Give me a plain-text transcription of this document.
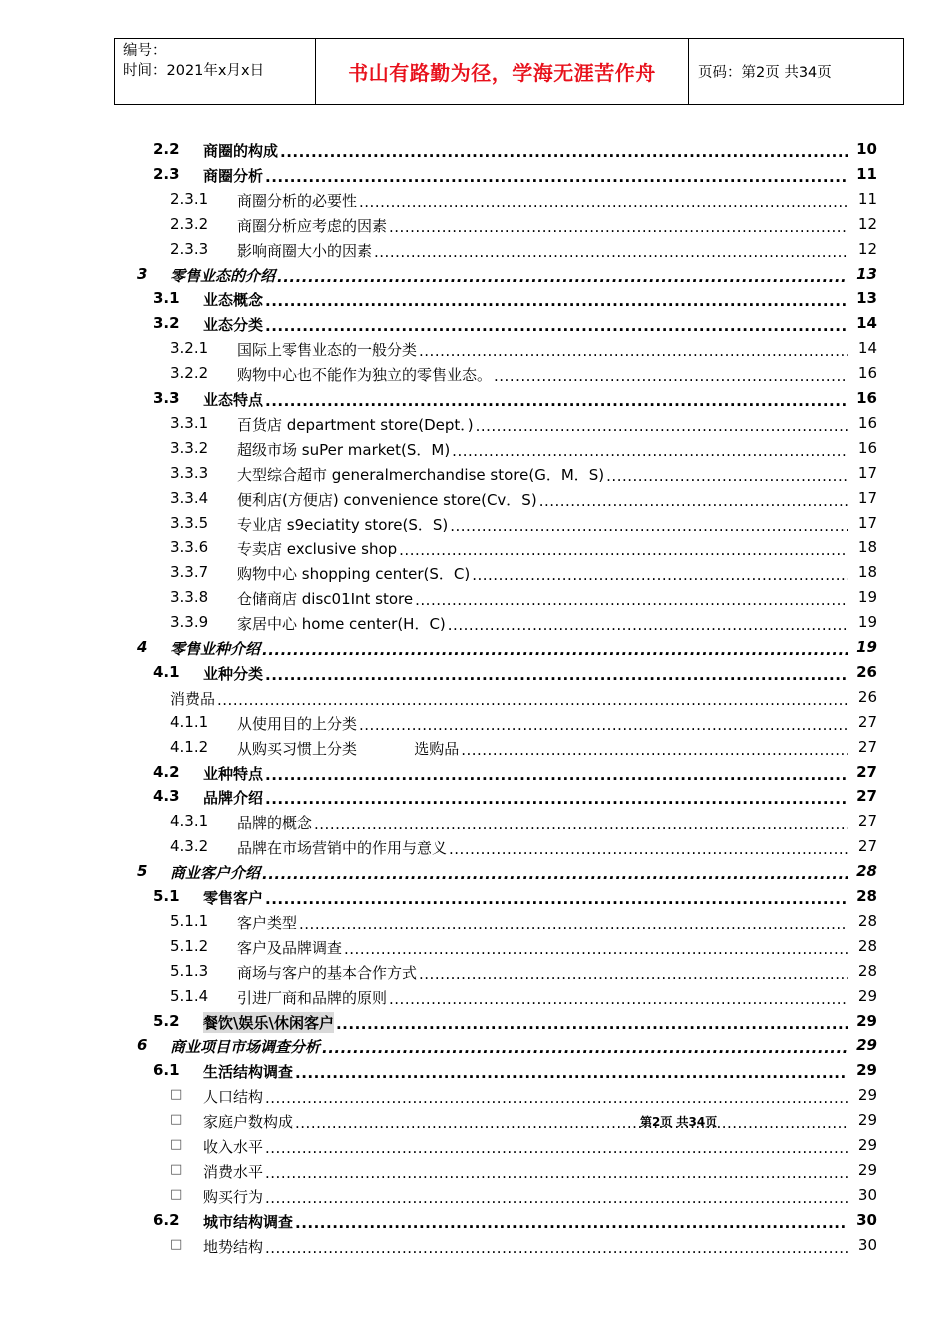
编号：
时间：2021年x月x日	书山有路勤为径，学海无涯苦作舟	页码：第2页 共34页
2.2 商圈的构成 .....	10
2.3 商圈分析 .....	11
2.3.1 商圈分析的必要性 .....	11
2.3.2 商圈分析应考虑的因素 .....	12
2.3.3 影响商圈大小的因素 .....	12
3 零售业态的介绍 .....	13
3.1 业态概念 .....	13
3.2 业态分类 .....	14
3.2.1 国际上零售业态的一般分类 .....	14
3.2.2 购物中心也不能作为独立的零售业态。 .....	16
3.3 业态特点 .....	16
3.3.1 百货店 department store(Dept．) .....	16
3.3.2 超级市场 suPer market(S．M) .....	16
3.3.3 大型综合超市 generalmerchandise store(G．M．S) .....	17
3.3.4 便利店(方便店) convenience store(Cv．S) .....	17
3.3.5 专业店 s9eciatity store(S．S) .....	17
3.3.6 专卖店 exclusive shop .....	18
3.3.7 购物中心 shopping center(S．C) .....	18
3.3.8 仓储商店 disc01Int store .....	19
3.3.9 家居中心 home center(H．C) .....	19
4 零售业种介绍 .....	19
4.1 业种分类 .....	26
消费品 .....	26
4.1.1 从使用目的上分类 .....	27
4.1.2 从购买习惯上分类            选购品 .....	27
4.2 业种特点 .....	27
4.3 品牌介绍 .....	27
4.3.1 品牌的概念 .....	27
4.3.2 品牌在市场营销中的作用与意义 .....	27
5 商业客户介绍 .....	28
5.1 零售客户 .....	28
5.1.1 客户类型 .....	28
5.1.2 客户及品牌调查 .....	28
5.1.3 商场与客户的基本合作方式 .....	28
5.1.4 引进厂商和品牌的原则 .....	29
5.2 餐饮\娱乐\休闲客户 .....	29
6 商业项目市场调查分析 .....	29
6.1 生活结构调查 .....	29
□ 人口结构 .....	29
□ 家庭户数构成 .....	29
□ 收入水平 .....	29
□ 消费水平 .....	29
□ 购买行为 .....	30
6.2 城市结构调查 .....	30
□ 地势结构 .....	30
第2页 共34页
